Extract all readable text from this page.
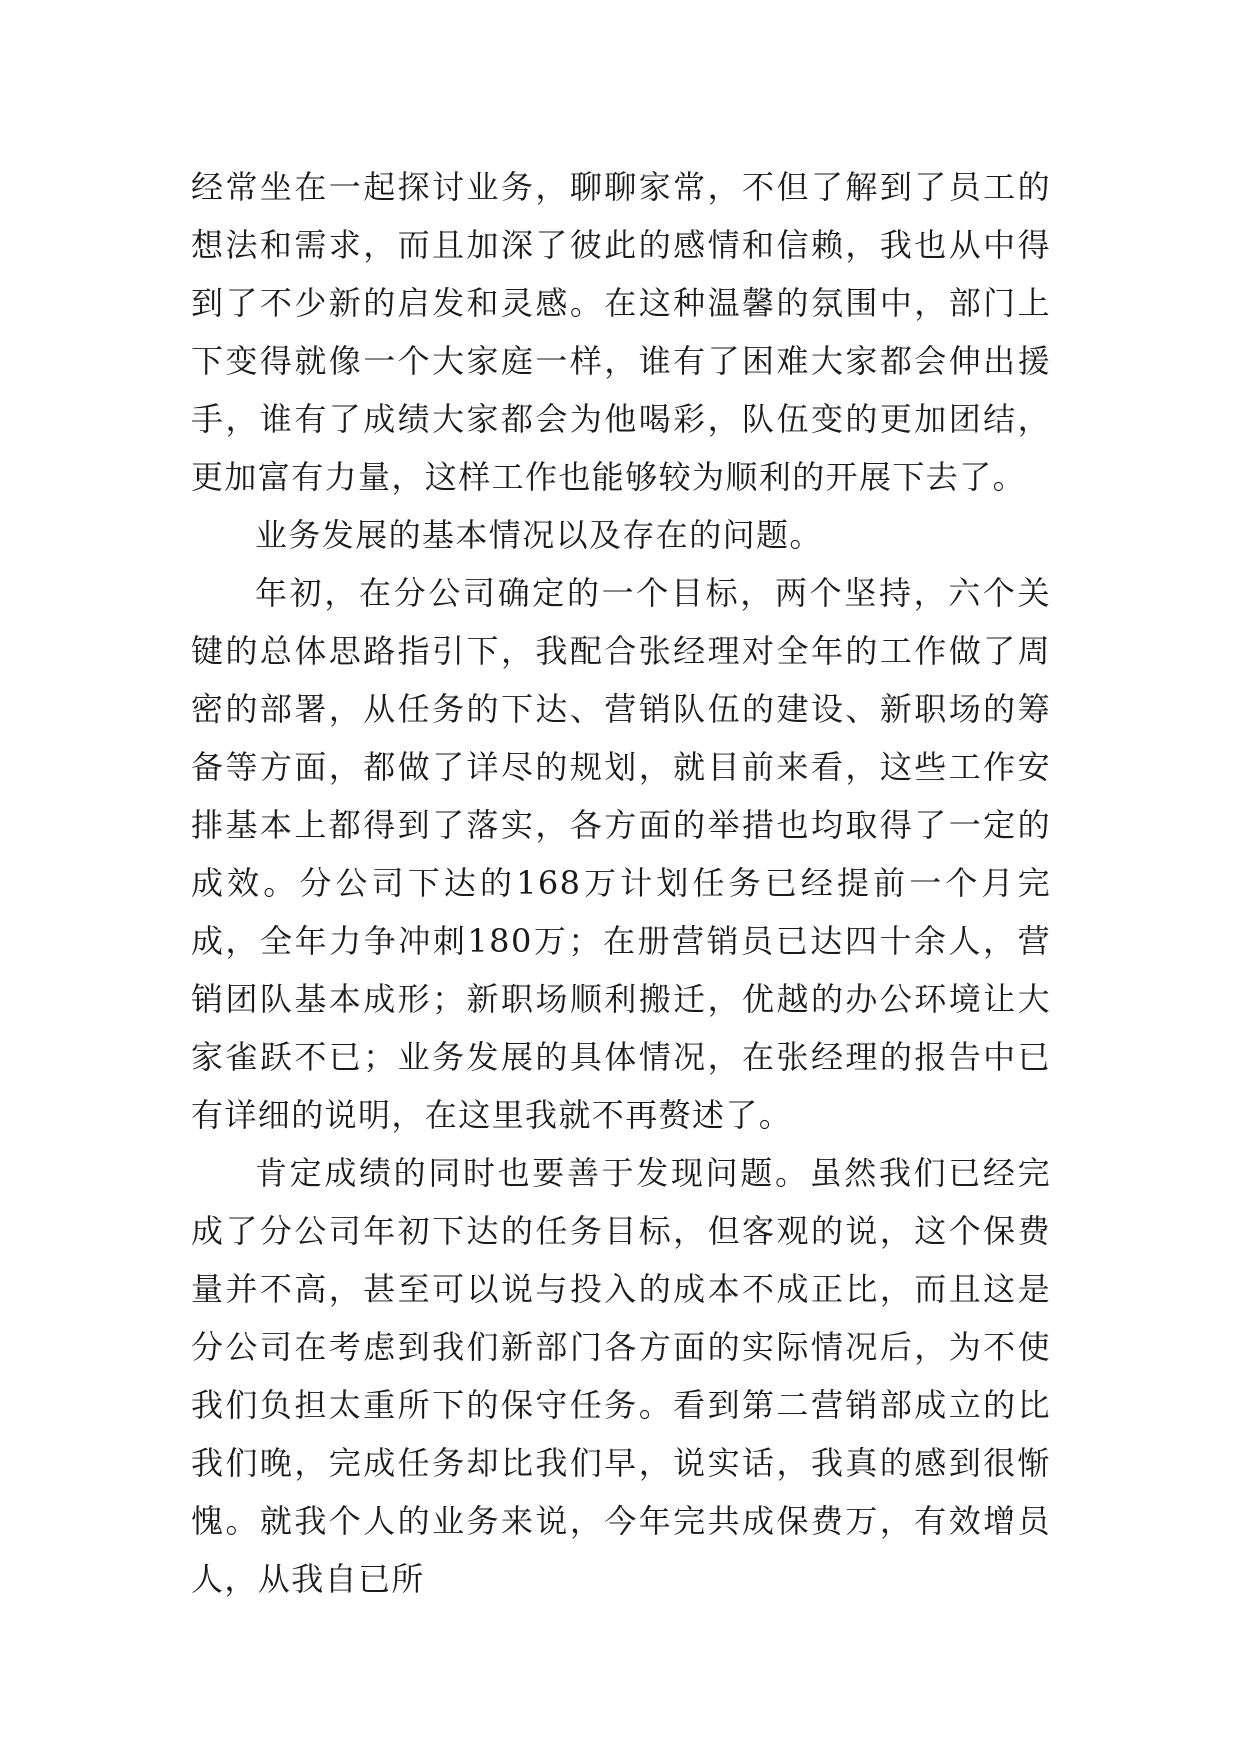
经常坐在一起探讨业务，聊聊家常，不但了解到了员工的想法和需求，而且加深了彼此的感情和信赖，我也从中得到了不少新的启发和灵感。在这种温馨的氛围中，部门上下变得就像一个大家庭一样，谁有了困难大家都会伸出援手，谁有了成绩大家都会为他喝彩，队伍变的更加团结，更加富有力量，这样工作也能够较为顺利的开展下去了。

业务发展的基本情况以及存在的问题。

年初，在分公司确定的一个目标，两个坚持，六个关键的总体思路指引下，我配合张经理对全年的工作做了周密的部署，从任务的下达、营销队伍的建设、新职场的筹备等方面，都做了详尽的规划，就目前来看，这些工作安排基本上都得到了落实，各方面的举措也均取得了一定的成效。分公司下达的168万计划任务已经提前一个月完成，全年力争冲刺180万；在册营销员已达四十余人，营销团队基本成形；新职场顺利搬迁，优越的办公环境让大家雀跃不已；业务发展的具体情况，在张经理的报告中已有详细的说明，在这里我就不再赘述了。

肯定成绩的同时也要善于发现问题。虽然我们已经完成了分公司年初下达的任务目标，但客观的说，这个保费量并不高，甚至可以说与投入的成本不成正比，而且这是分公司在考虑到我们新部门各方面的实际情况后，为不使我们负担太重所下的保守任务。看到第二营销部成立的比我们晚，完成任务却比我们早，说实话，我真的感到很惭愧。就我个人的业务来说，今年完共成保费万，有效增员人，从我自已所
